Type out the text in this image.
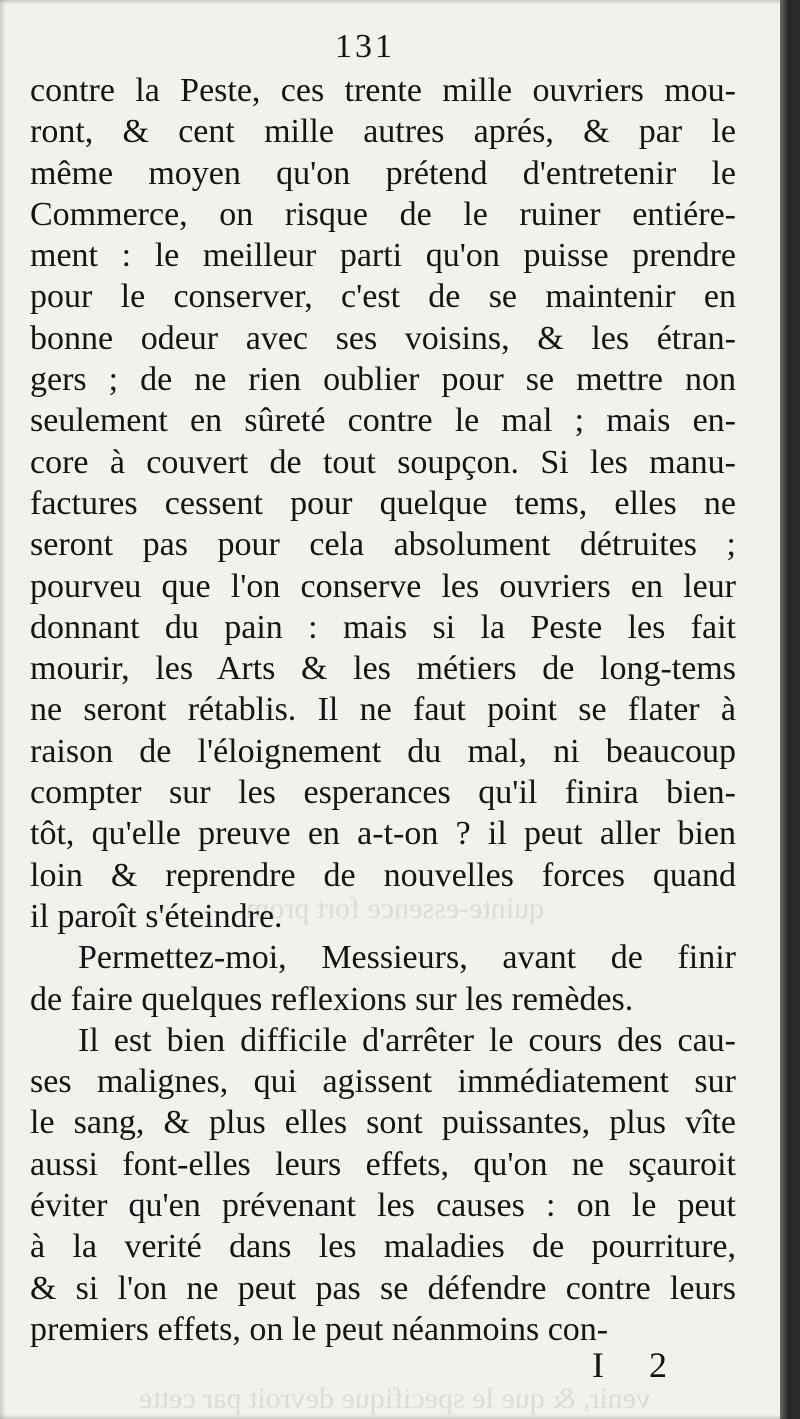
131
quinte-essence fort prom
venir, & que le specifique devroit par cette
contre la Peste, ces trente mille ouvriers mou-
ront, & cent mille autres aprés, & par le
même moyen qu'on prétend d'entretenir le
Commerce, on risque de le ruiner entiére-
ment : le meilleur parti qu'on puisse prendre
pour le conserver, c'est de se maintenir en
bonne odeur avec ses voisins, & les étran-
gers ; de ne rien oublier pour se mettre non
seulement en sûreté contre le mal ; mais en-
core à couvert de tout soupçon. Si les manu-
factures cessent pour quelque tems, elles ne
seront pas pour cela absolument détruites ;
pourveu que l'on conserve les ouvriers en leur
donnant du pain : mais si la Peste les fait
mourir, les Arts & les métiers de long-tems
ne seront rétablis. Il ne faut point se flater à
raison de l'éloignement du mal, ni beaucoup
compter sur les esperances qu'il finira bien-
tôt, qu'elle preuve en a-t-on ? il peut aller bien
loin & reprendre de nouvelles forces quand
il paroît s'éteindre.
Permettez-moi, Messieurs, avant de finir
de faire quelques reflexions sur les remèdes.
Il est bien difficile d'arrêter le cours des cau-
ses malignes, qui agissent immédiatement sur
le sang, & plus elles sont puissantes, plus vîte
aussi font-elles leurs effets, qu'on ne sçauroit
éviter qu'en prévenant les causes : on le peut
à la verité dans les maladies de pourriture,
& si l'on ne peut pas se défendre contre leurs
premiers effets, on le peut néanmoins con-
I 2
